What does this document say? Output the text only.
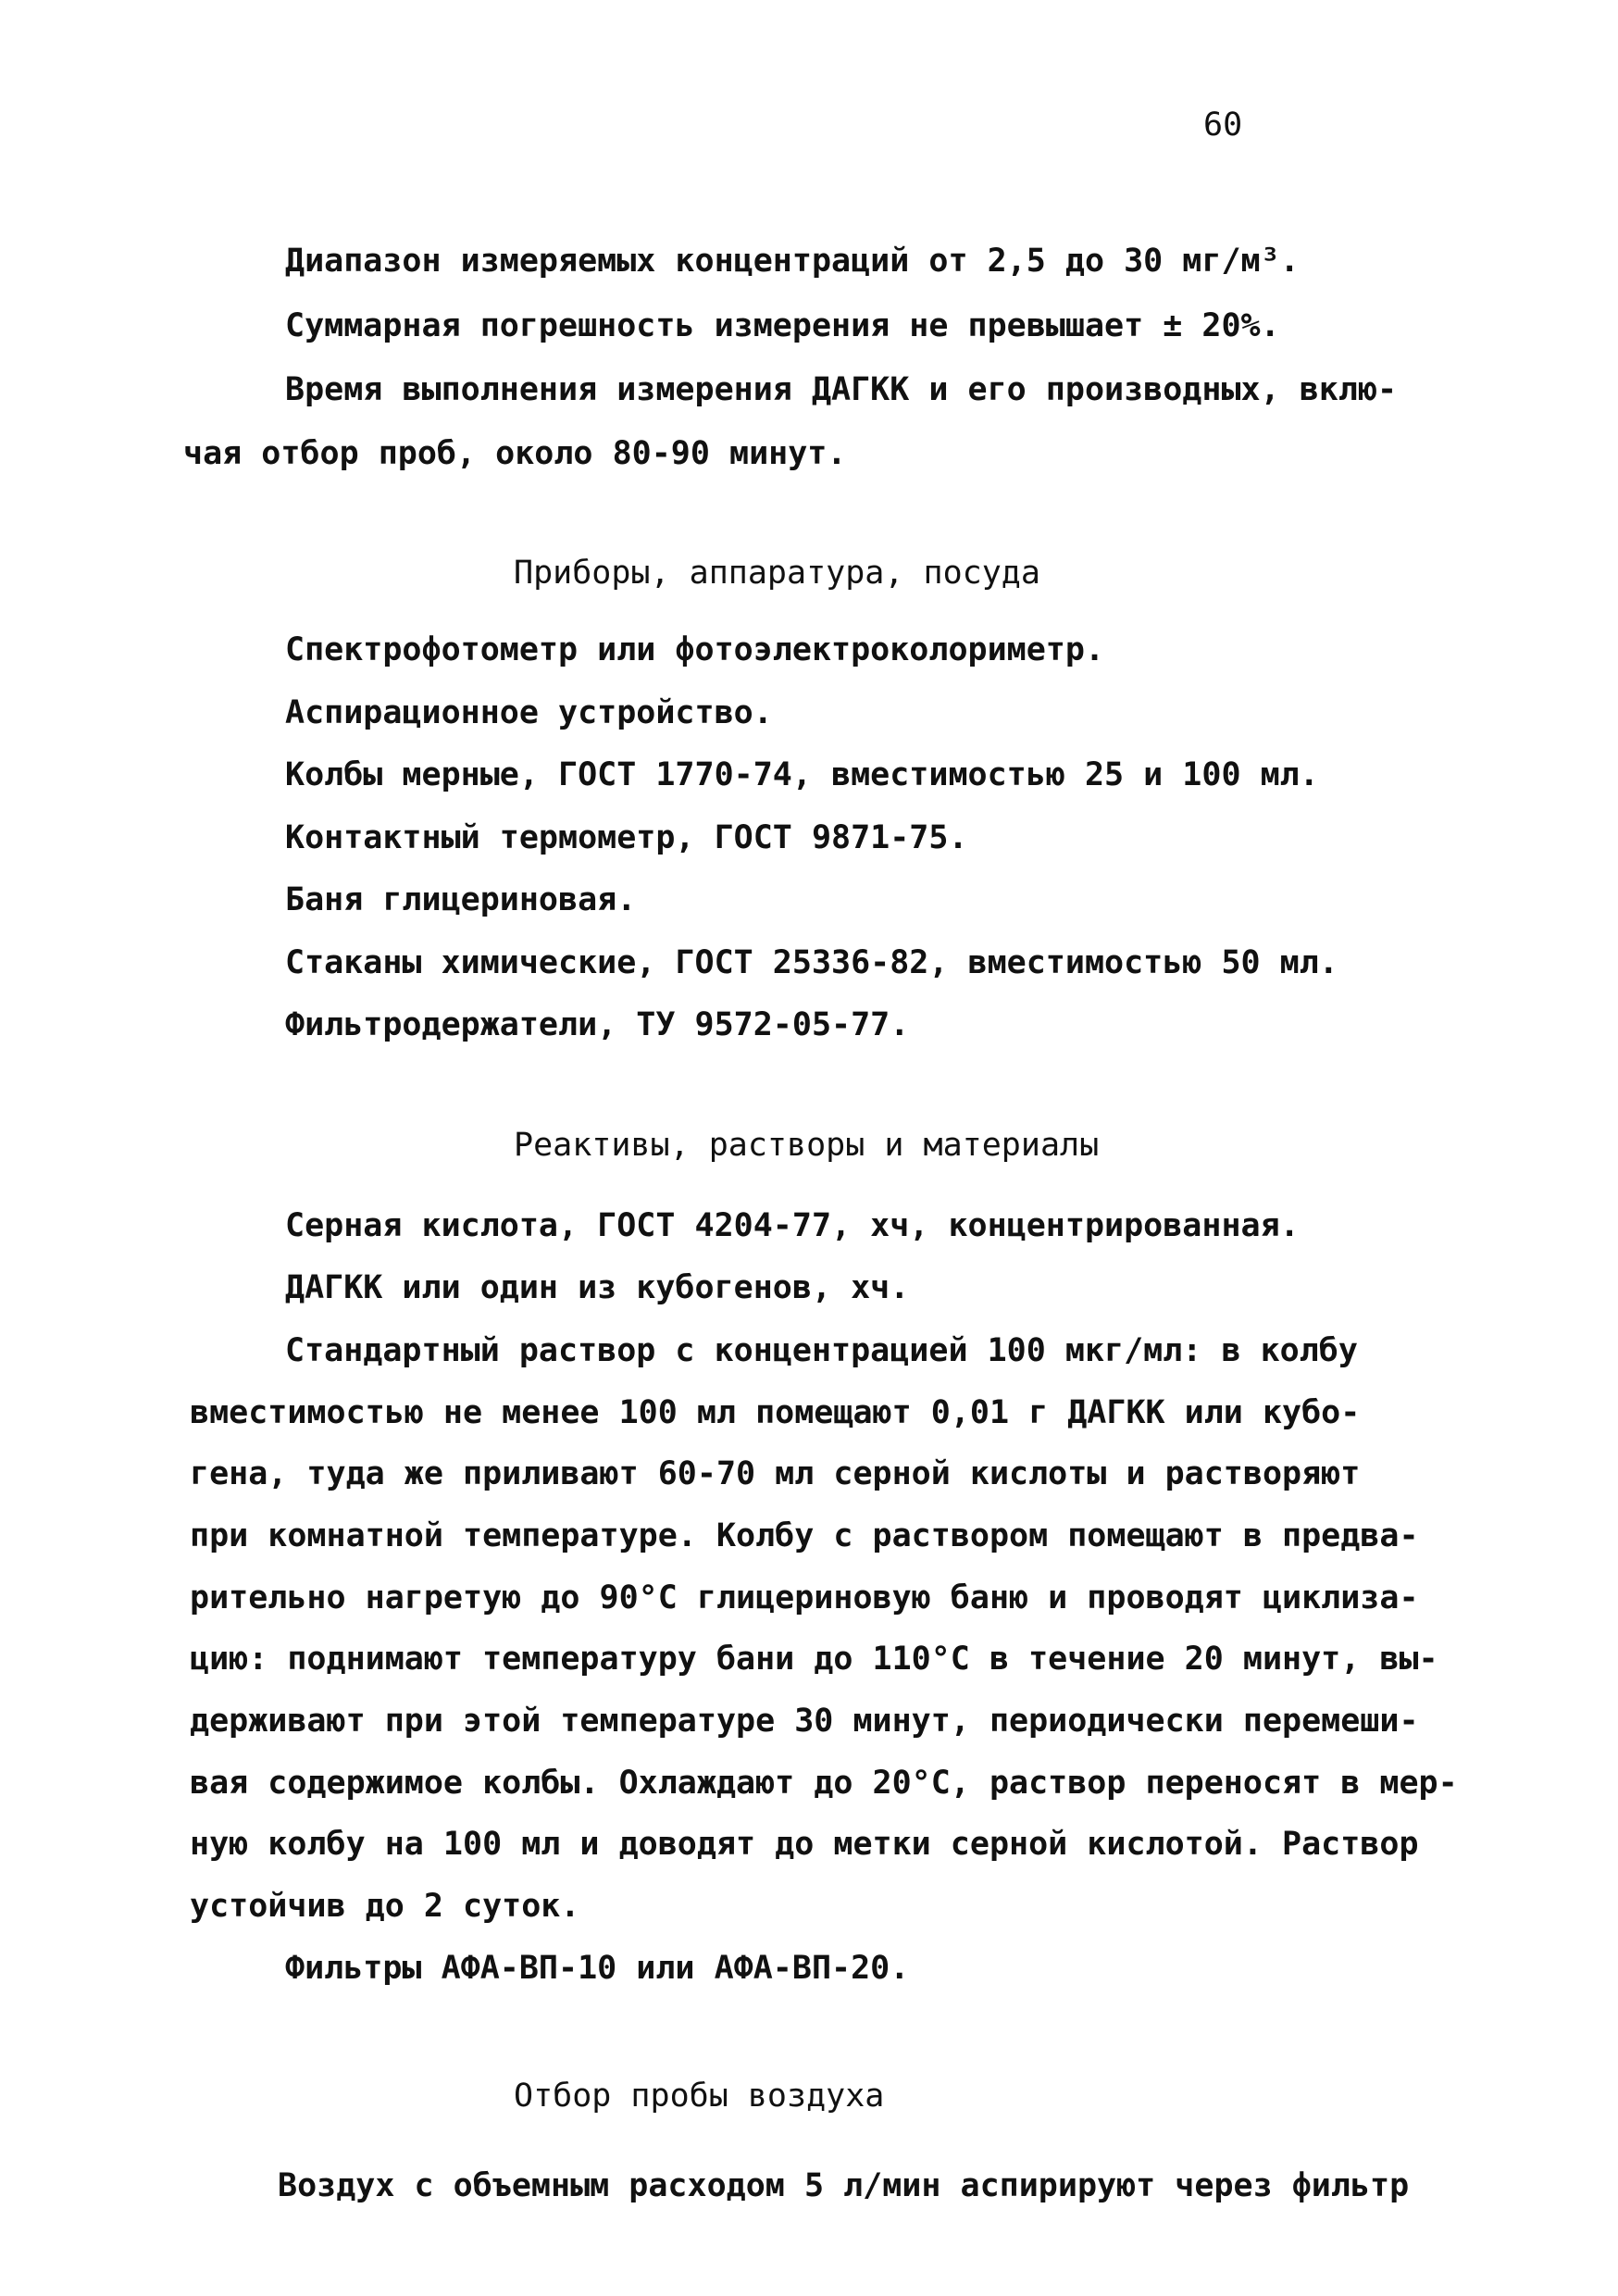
60
Диапазон измеряемых концентраций от 2,5 до 30 мг/м³.
Суммарная погрешность измерения не превышает ± 20%.
Время выполнения измерения ДАГКК и его производных, вклю-
чая отбор проб, около 80-90 минут.
Приборы, аппаратура, посуда
Спектрофотометр или фотоэлектроколориметр.
Аспирационное устройство.
Колбы мерные, ГОСТ 1770-74, вместимостью 25 и 100 мл.
Контактный термометр, ГОСТ 9871-75.
Баня глицериновая.
Стаканы химические, ГОСТ 25336-82, вместимостью 50 мл.
Фильтродержатели, ТУ 9572-05-77.
Реактивы, растворы и материалы
Серная кислота, ГОСТ 4204-77, хч, концентрированная.
ДАГКК или один из кубогенов, хч.
Стандартный раствор с концентрацией 100 мкг/мл: в колбу
вместимостью не менее 100 мл помещают 0,01 г ДАГКК или кубо-
гена, туда же приливают 60-70 мл серной кислоты и растворяют
при комнатной температуре. Колбу с раствором помещают в предва-
рительно нагретую до 90°С глицериновую баню и проводят циклиза-
цию: поднимают температуру бани до 110°С в течение 20 минут, вы-
держивают при этой температуре 30 минут, периодически перемеши-
вая содержимое колбы. Охлаждают до 20°С, раствор переносят в мер-
ную колбу на 100 мл и доводят до метки серной кислотой. Раствор
устойчив до 2 суток.
Фильтры АФА-ВП-10 или АФА-ВП-20.
Отбор пробы воздуха
Воздух с объемным расходом 5 л/мин аспирируют через фильтр
